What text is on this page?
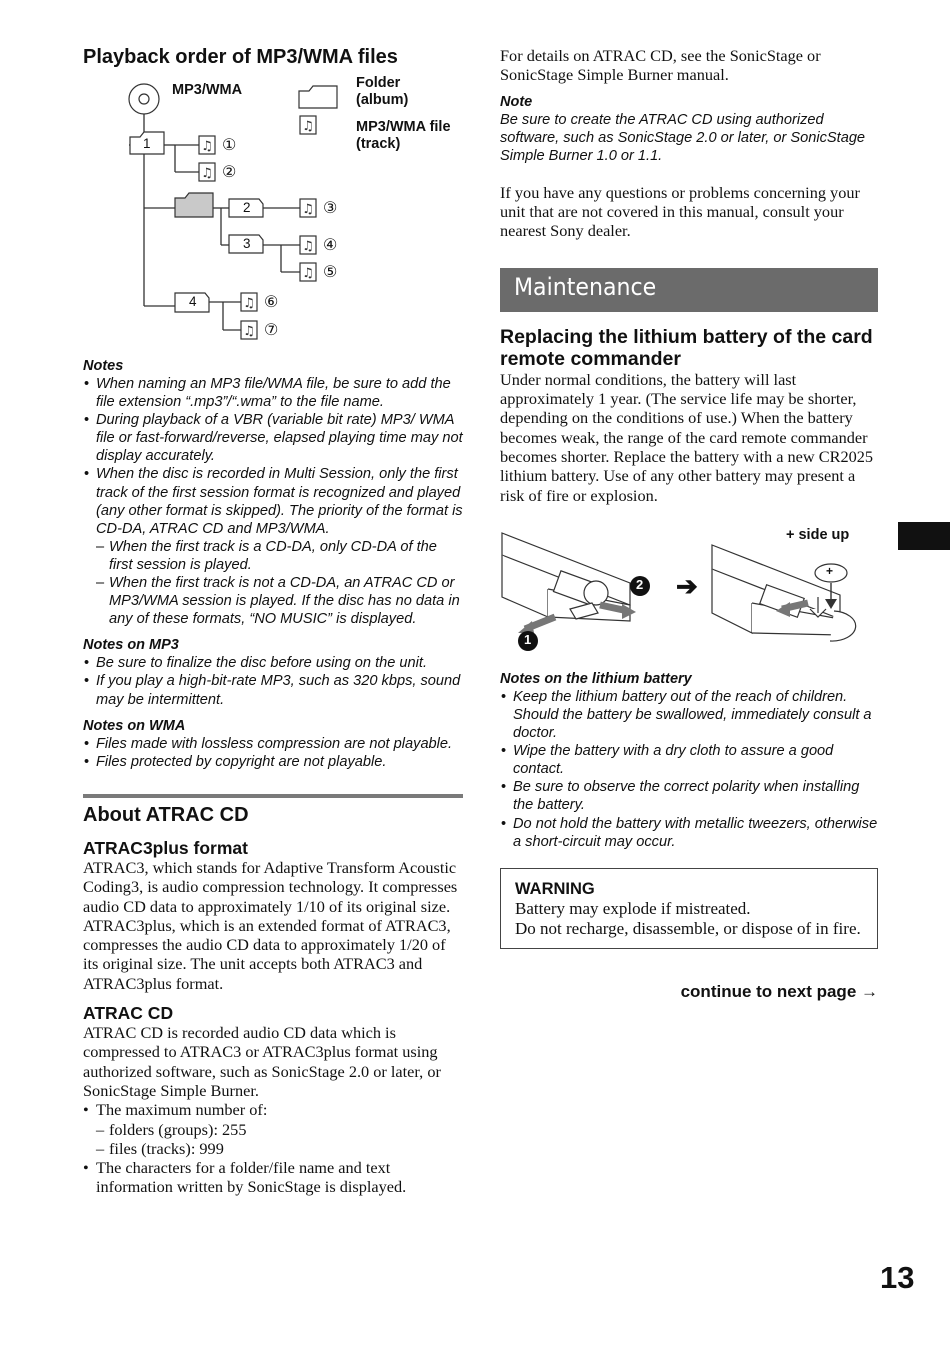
Playback order of MP3/WMA files
♫
♫
♫
♫
♫
♫
♫
♫
MP3/WMA	Folder
(album)
MP3/WMA file
(track)
1
2
3
4
①
②
③
④
⑤
⑥
⑦

Notes

• When naming an MP3 file/WMA file, be sure to add the file extension “.mp3”/“.wma” to the file name.
• During playback of a VBR (variable bit rate) MP3/ WMA file or fast-forward/reverse, elapsed playing time may not display accurately.
• When the disc is recorded in Multi Session, only the first track of the first session format is recognized and played (any other format is skipped). The priority of the format is CD-DA, ATRAC CD and MP3/WMA.
– When the first track is a CD-DA, only CD-DA of the first session is played.
– When the first track is not a CD-DA, an ATRAC CD or MP3/WMA session is played. If the disc has no data in any of these formats, “NO MUSIC” is displayed.

Notes on MP3

• Be sure to finalize the disc before using on the unit.
• If you play a high-bit-rate MP3, such as 320 kbps, sound may be intermittent.

Notes on WMA

• Files made with lossless compression are not playable.
• Files protected by copyright are not playable.
About ATRAC CD
ATRAC3plus format

ATRAC3, which stands for Adaptive Transform Acoustic Coding3, is audio compression technology. It compresses audio CD data to approximately 1/10 of its original size. ATRAC3plus, which is an extended format of ATRAC3, compresses the audio CD data to approximately 1/20 of its original size. The unit accepts both ATRAC3 and ATRAC3plus format.

ATRAC CD

ATRAC CD is recorded audio CD data which is compressed to ATRAC3 or ATRAC3plus format using authorized software, such as SonicStage 2.0 or later, or SonicStage Simple Burner.

• The maximum number of:
– folders (groups): 255
– files (tracks): 999
• The characters for a folder/file name and text information written by SonicStage is displayed.

For details on ATRAC CD, see the SonicStage or SonicStage Simple Burner manual.

Note

Be sure to create the ATRAC CD using authorized software, such as SonicStage 2.0 or later, or SonicStage Simple Burner 1.0 or 1.1.

If you have any questions or problems concerning your unit that are not covered in this manual, consult your nearest Sony dealer.

Maintenance
Replacing the lithium battery of the card remote commander

Under normal conditions, the battery will last approximately 1 year. (The service life may be shorter, depending on the conditions of use.) When the battery becomes weak, the range of the card remote commander becomes shorter. Replace the battery with a new CR2025 lithium battery. Use of any other battery may present a risk of fire or explosion.

1
2 ➔
+ side up
+

Notes on the lithium battery

• Keep the lithium battery out of the reach of children. Should the battery be swallowed, immediately consult a doctor.
• Wipe the battery with a dry cloth to assure a good contact.
• Be sure to observe the correct polarity when installing the battery.
• Do not hold the battery with metallic tweezers, otherwise a short-circuit may occur.

WARNING

Battery may explode if mistreated.

Do not recharge, disassemble, or dispose of in fire.

continue to next page →

13
